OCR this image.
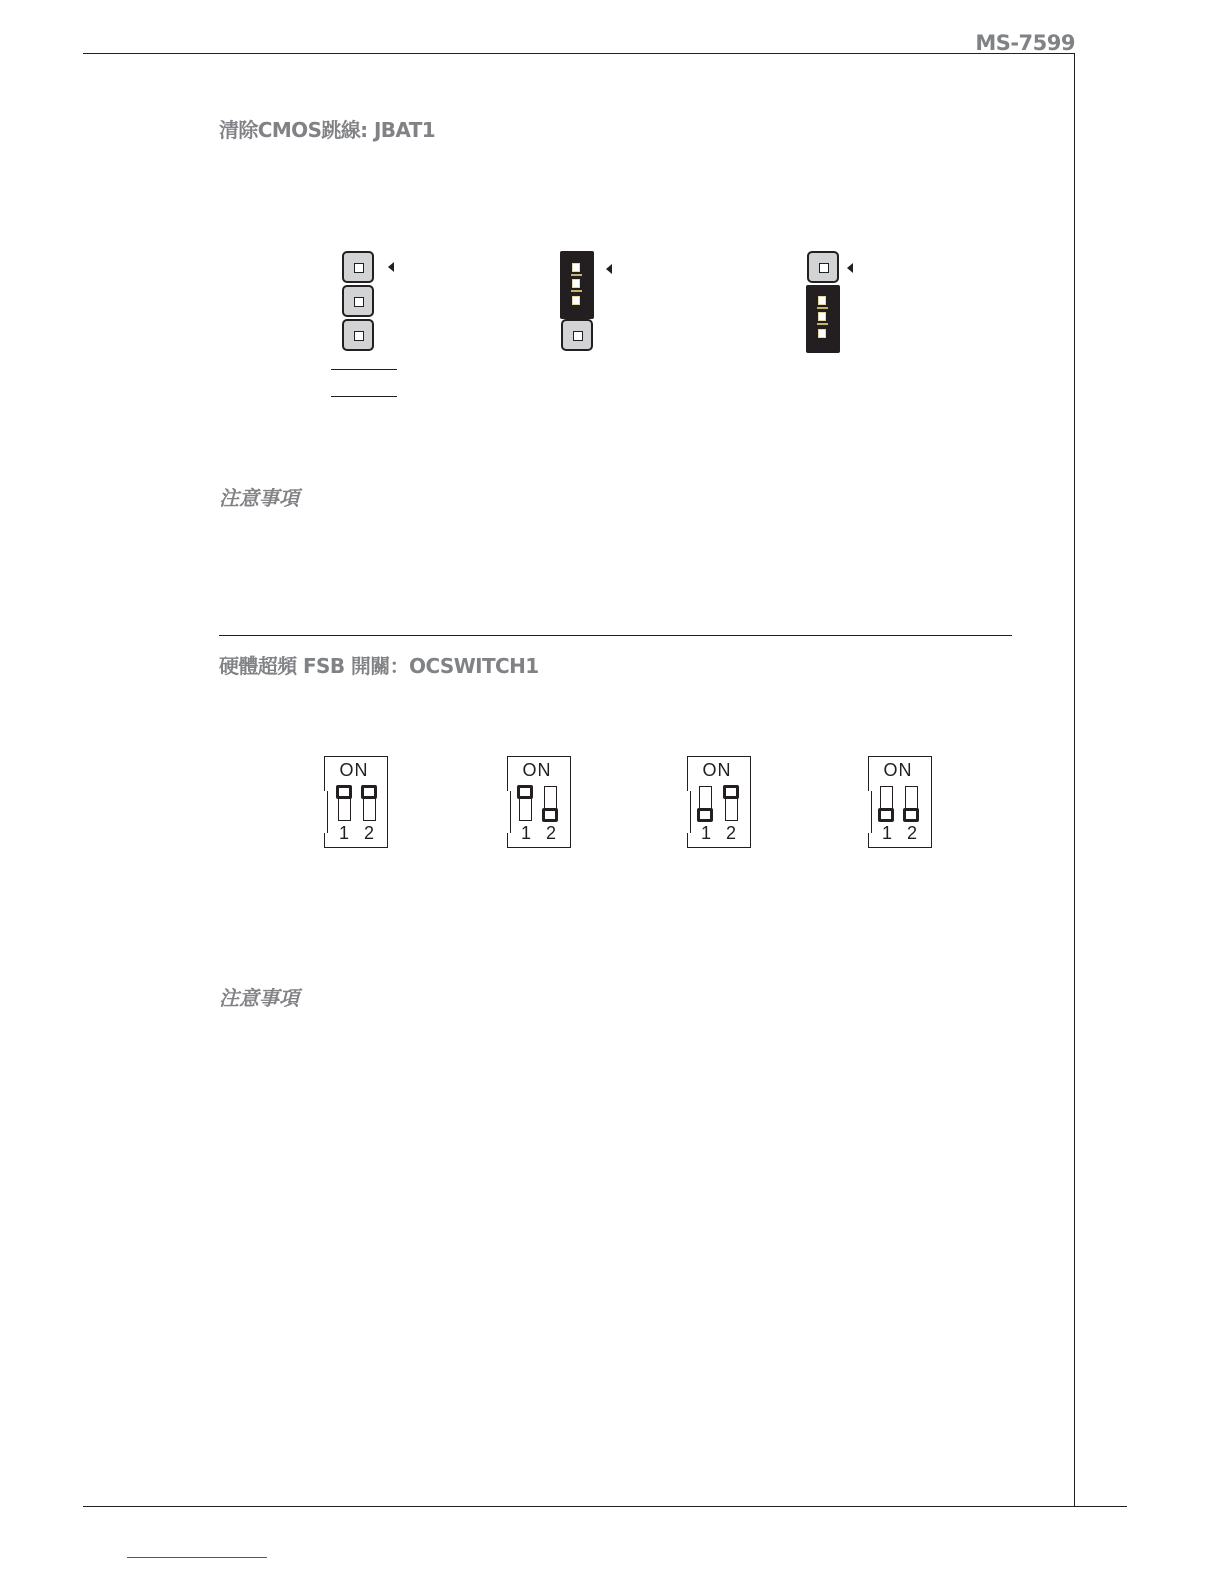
MS-7599
清除CMOS跳線: JBAT1
注意事項
硬體超頻 FSB 開關：OCSWITCH1
ON
1 2
ON
1 2
ON
1 2
ON
1 2
注意事項
